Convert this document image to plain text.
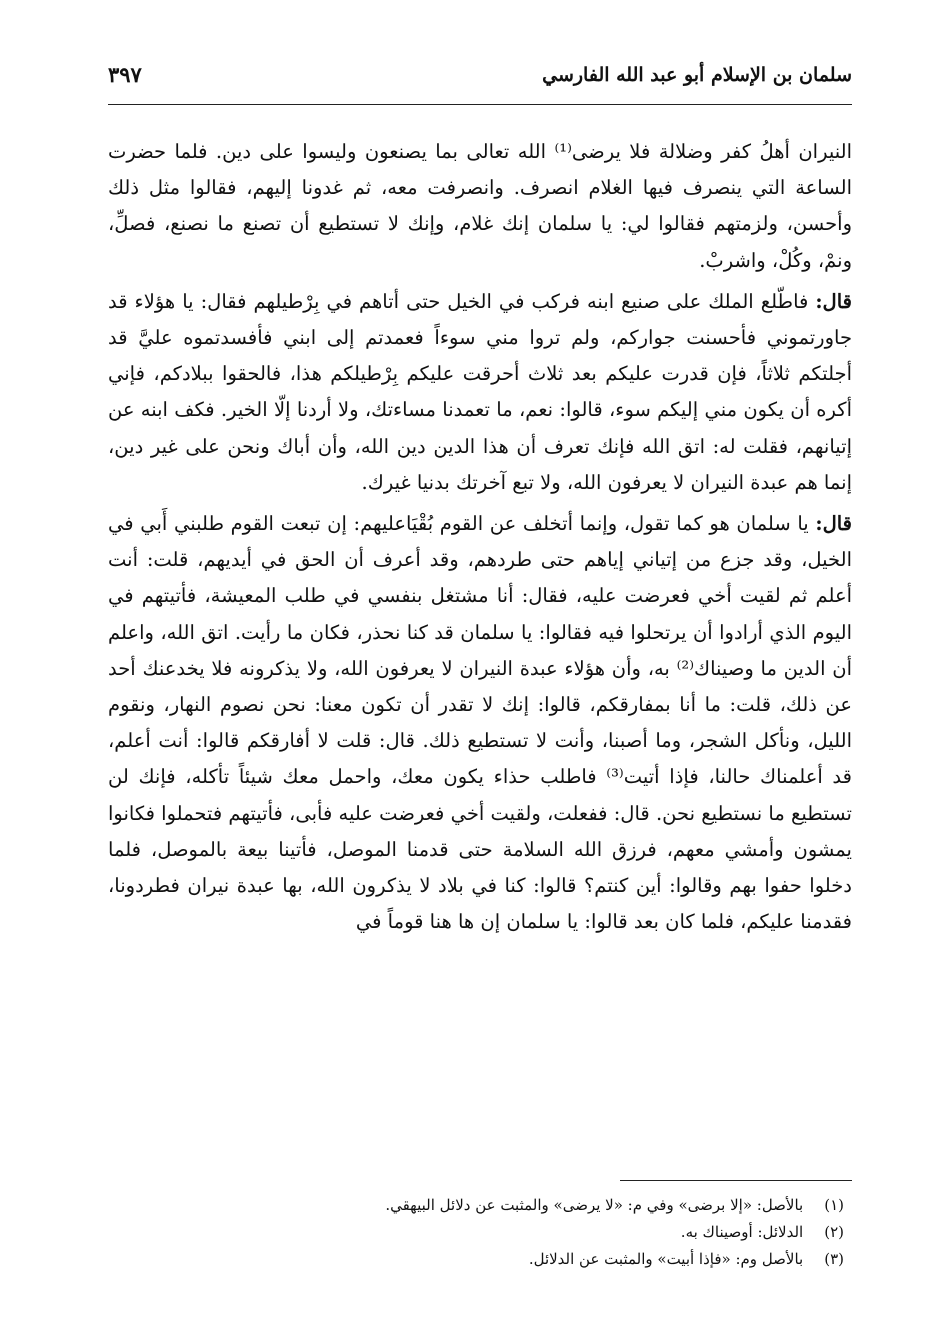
سلمان بن الإسلام أبو عبد الله الفارسي
٣٩٧

النيران أهلُ كفر وضلالة فلا يرضى⁽¹⁾ الله تعالى بما يصنعون وليسوا على دين. فلما حضرت الساعة التي ينصرف فيها الغلام انصرف. وانصرفت معه، ثم غدونا إليهم، فقالوا مثل ذلك وأحسن، ولزمتهم فقالوا لي: يا سلمان إنك غلام، وإنك لا تستطيع أن تصنع ما نصنع، فصلِّ، ونمْ، وكُلْ، واشربْ.

قال: فاطّلع الملك على صنيع ابنه فركب في الخيل حتى أتاهم في بِرْطيلهم فقال: يا هؤلاء قد جاورتموني فأحسنت جواركم، ولم تروا مني سوءاً فعمدتم إلى ابني فأفسدتموه عليَّ قد أجلتكم ثلاثاً، فإن قدرت عليكم بعد ثلاث أحرقت عليكم بِرْطيلكم هذا، فالحقوا ببلادكم، فإني أكره أن يكون مني إليكم سوء، قالوا: نعم، ما تعمدنا مساءتك، ولا أردنا إلّا الخير. فكف ابنه عن إتيانهم، فقلت له: اتق الله فإنك تعرف أن هذا الدين دين الله، وأن أباك ونحن على غير دين، إنما هم عبدة النيران لا يعرفون الله، ولا تبع آخرتك بدنيا غيرك.

قال: يا سلمان هو كما تقول، وإنما أتخلف عن القوم بُقْيَاعليهم: إن تبعت القوم طلبني أَبي في الخيل، وقد جزع من إتياني إياهم حتى طردهم، وقد أعرف أن الحق في أيديهم، قلت: أنت أعلم ثم لقيت أخي فعرضت عليه، فقال: أنا مشتغل بنفسي في طلب المعيشة، فأتيتهم في اليوم الذي أرادوا أن يرتحلوا فيه فقالوا: يا سلمان قد كنا نحذر، فكان ما رأيت. اتق الله، واعلم أن الدين ما وصيناك⁽²⁾ به، وأن هؤلاء عبدة النيران لا يعرفون الله، ولا يذكرونه فلا يخدعنك أحد عن ذلك، قلت: ما أنا بمفارقكم، قالوا: إنك لا تقدر أن تكون معنا: نحن نصوم النهار، ونقوم الليل، ونأكل الشجر، وما أصبنا، وأنت لا تستطيع ذلك. قال: قلت لا أفارقكم قالوا: أنت أعلم، قد أعلمناك حالنا، فإذا أتيت⁽³⁾ فاطلب حذاء يكون معك، واحمل معك شيئاً تأكله، فإنك لن تستطيع ما نستطيع نحن. قال: ففعلت، ولقيت أخي فعرضت عليه فأبى، فأتيتهم فتحملوا فكانوا يمشون وأمشي معهم، فرزق الله السلامة حتى قدمنا الموصل، فأتينا بيعة بالموصل، فلما دخلوا حفوا بهم وقالوا: أين كنتم؟ قالوا: كنا في بلاد لا يذكرون الله، بها عبدة نيران فطردونا، فقدمنا عليكم، فلما كان بعد قالوا: يا سلمان إن ها هنا قوماً في

(١) بالأصل: «إلا برضى» وفي م: «لا يرضى» والمثبت عن دلائل البيهقي.
(٢) الدلائل: أوصيناك به.
(٣) بالأصل وم: «فإذا أبيت» والمثبت عن الدلائل.
